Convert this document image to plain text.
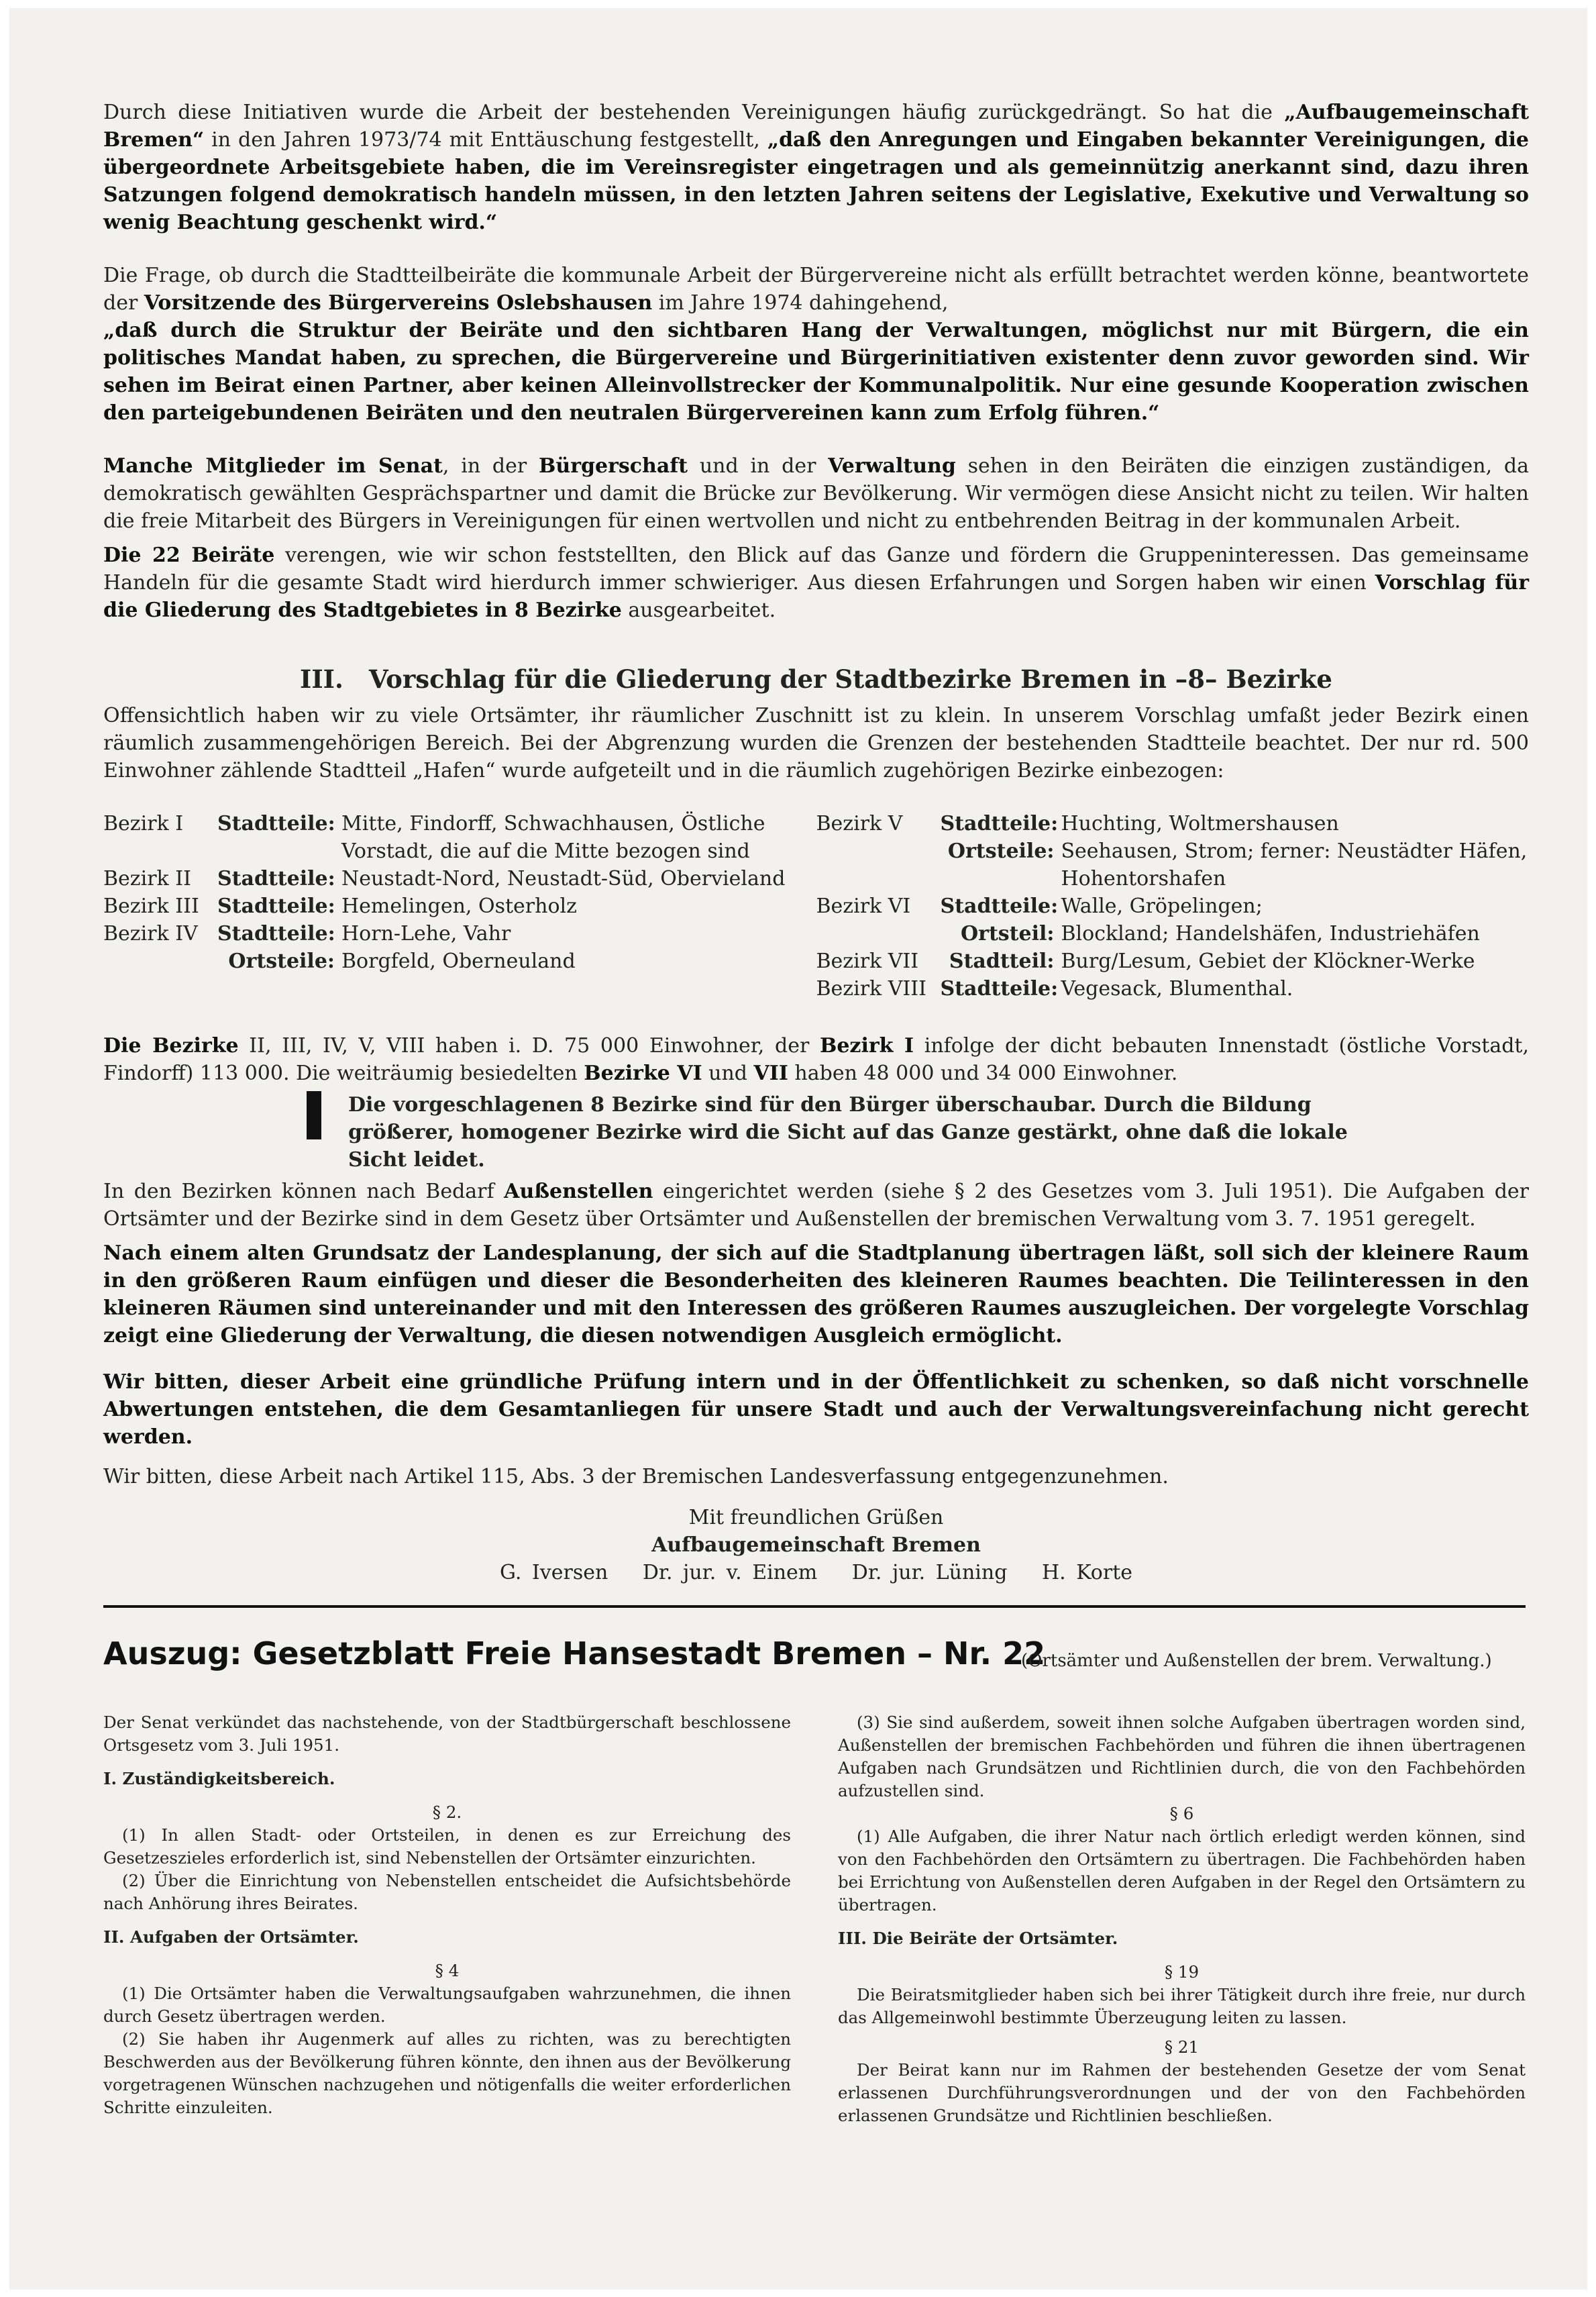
Durch diese Initiativen wurde die Arbeit der bestehenden Vereinigungen häufig zurückgedrängt. So hat die „Aufbaugemeinschaft Bremen“ in den Jahren 1973/74 mit Enttäuschung festgestellt, „daß den Anregungen und Eingaben bekannter Vereinigungen, die übergeordnete Arbeitsgebiete haben, die im Vereinsregister eingetragen und als gemeinnützig anerkannt sind, dazu ihren Satzungen folgend demokratisch handeln müssen, in den letzten Jahren seitens der Legislative, Exekutive und Verwaltung so wenig Beachtung geschenkt wird.“

Die Frage, ob durch die Stadtteilbeiräte die kommunale Arbeit der Bürgervereine nicht als erfüllt betrachtet werden könne, beantwortete der Vorsitzende des Bürgervereins Oslebshausen im Jahre 1974 dahingehend,
„daß durch die Struktur der Beiräte und den sichtbaren Hang der Verwaltungen, möglichst nur mit Bürgern, die ein politisches Mandat haben, zu sprechen, die Bürgervereine und Bürgerinitiativen existenter denn zuvor geworden sind. Wir sehen im Beirat einen Partner, aber keinen Alleinvollstrecker der Kommunalpolitik. Nur eine gesunde Kooperation zwischen den parteigebundenen Beiräten und den neutralen Bürgervereinen kann zum Erfolg führen.“

Manche Mitglieder im Senat, in der Bürgerschaft und in der Verwaltung sehen in den Beiräten die einzigen zuständigen, da demokratisch gewählten Gesprächspartner und damit die Brücke zur Bevölkerung. Wir vermögen diese Ansicht nicht zu teilen. Wir halten die freie Mitarbeit des Bürgers in Vereinigungen für einen wertvollen und nicht zu entbehrenden Beitrag in der kommunalen Arbeit.

Die 22 Beiräte verengen, wie wir schon feststellten, den Blick auf das Ganze und fördern die Gruppeninteressen. Das gemeinsame Handeln für die gesamte Stadt wird hierdurch immer schwieriger. Aus diesen Erfahrungen und Sorgen haben wir einen Vorschlag für die Gliederung des Stadtgebietes in 8 Bezirke ausgearbeitet.

III. Vorschlag für die Gliederung der Stadtbezirke Bremen in –8– Bezirke

Offensichtlich haben wir zu viele Ortsämter, ihr räumlicher Zuschnitt ist zu klein. In unserem Vorschlag umfaßt jeder Bezirk einen räumlich zusammengehörigen Bereich. Bei der Abgrenzung wurden die Grenzen der bestehenden Stadtteile beachtet. Der nur rd. 500 Einwohner zählende Stadtteil „Hafen“ wurde aufgeteilt und in die räumlich zugehörigen Bezirke einbezogen:

Bezirk I	Stadtteile: Mitte, Findorff, Schwachhausen, Östliche Vorstadt, die auf die Mitte bezogen sind
Bezirk II	Stadtteile: Neustadt-Nord, Neustadt-Süd, Obervieland
Bezirk III Stadtteile: Hemelingen, Osterholz
Bezirk IV Stadtteile: Horn-Lehe, Vahr
Ortsteile: Borgfeld, Oberneuland
Bezirk V	Stadtteile: Huchting, Woltmershausen
Ortsteile: Seehausen, Strom; ferner: Neustädter Häfen, Hohentorshafen
Bezirk VI	Stadtteile: Walle, Gröpelingen;
Ortsteil: Blockland; Handelshäfen, Industriehäfen
Bezirk VII	Stadtteil: Burg/Lesum, Gebiet der Klöckner-Werke
Bezirk VIII Stadtteile: Vegesack, Blumenthal.

Die Bezirke II, III, IV, V, VIII haben i. D. 75 000 Einwohner, der Bezirk I infolge der dicht bebauten Innenstadt (östliche Vorstadt, Findorff) 113 000. Die weiträumig besiedelten Bezirke VI und VII haben 48 000 und 34 000 Einwohner.

Die vorgeschlagenen 8 Bezirke sind für den Bürger überschaubar. Durch die Bildung größerer, homogener Bezirke wird die Sicht auf das Ganze gestärkt, ohne daß die lokale Sicht leidet.

In den Bezirken können nach Bedarf Außenstellen eingerichtet werden (siehe § 2 des Gesetzes vom 3. Juli 1951). Die Aufgaben der Ortsämter und der Bezirke sind in dem Gesetz über Ortsämter und Außenstellen der bremischen Verwaltung vom 3. 7. 1951 geregelt.

Nach einem alten Grundsatz der Landesplanung, der sich auf die Stadtplanung übertragen läßt, soll sich der kleinere Raum in den größeren Raum einfügen und dieser die Besonderheiten des kleineren Raumes beachten. Die Teilinteressen in den kleineren Räumen sind untereinander und mit den Interessen des größeren Raumes auszugleichen. Der vorgelegte Vorschlag zeigt eine Gliederung der Verwaltung, die diesen notwendigen Ausgleich ermöglicht.

Wir bitten, dieser Arbeit eine gründliche Prüfung intern und in der Öffentlichkeit zu schenken, so daß nicht vorschnelle Abwertungen entstehen, die dem Gesamtanliegen für unsere Stadt und auch der Verwaltungsvereinfachung nicht gerecht werden.

Wir bitten, diese Arbeit nach Artikel 115, Abs. 3 der Bremischen Landesverfassung entgegenzunehmen.

Mit freundlichen Grüßen
Aufbaugemeinschaft Bremen
G. Iversen Dr. jur. v. Einem Dr. jur. Lüning H. Korte
Auszug: Gesetzblatt Freie Hansestadt Bremen – Nr. 22
(Ortsämter und Außenstellen der brem. Verwaltung.)

Der Senat verkündet das nachstehende, von der Stadtbürgerschaft beschlossene Ortsgesetz vom 3. Juli 1951.

I. Zuständigkeitsbereich.

§ 2.

(1) In allen Stadt- oder Ortsteilen, in denen es zur Erreichung des Gesetzeszieles erforderlich ist, sind Nebenstellen der Ortsämter einzurichten.

(2) Über die Einrichtung von Nebenstellen entscheidet die Aufsichtsbehörde nach Anhörung ihres Beirates.

II. Aufgaben der Ortsämter.

§ 4

(1) Die Ortsämter haben die Verwaltungsaufgaben wahrzunehmen, die ihnen durch Gesetz übertragen werden.

(2) Sie haben ihr Augenmerk auf alles zu richten, was zu berechtigten Beschwerden aus der Bevölkerung führen könnte, den ihnen aus der Bevölkerung vorgetragenen Wünschen nachzugehen und nötigenfalls die weiter erforderlichen Schritte einzuleiten.

(3) Sie sind außerdem, soweit ihnen solche Aufgaben übertragen worden sind, Außenstellen der bremischen Fachbehörden und führen die ihnen übertragenen Aufgaben nach Grundsätzen und Richtlinien durch, die von den Fachbehörden aufzustellen sind.

§ 6

(1) Alle Aufgaben, die ihrer Natur nach örtlich erledigt werden können, sind von den Fachbehörden den Ortsämtern zu übertragen. Die Fachbehörden haben bei Errichtung von Außenstellen deren Aufgaben in der Regel den Ortsämtern zu übertragen.

III. Die Beiräte der Ortsämter.

§ 19

Die Beiratsmitglieder haben sich bei ihrer Tätigkeit durch ihre freie, nur durch das Allgemeinwohl bestimmte Überzeugung leiten zu lassen.

§ 21

Der Beirat kann nur im Rahmen der bestehenden Gesetze der vom Senat erlassenen Durchführungsverordnungen und der von den Fachbehörden erlassenen Grundsätze und Richtlinien beschließen.
